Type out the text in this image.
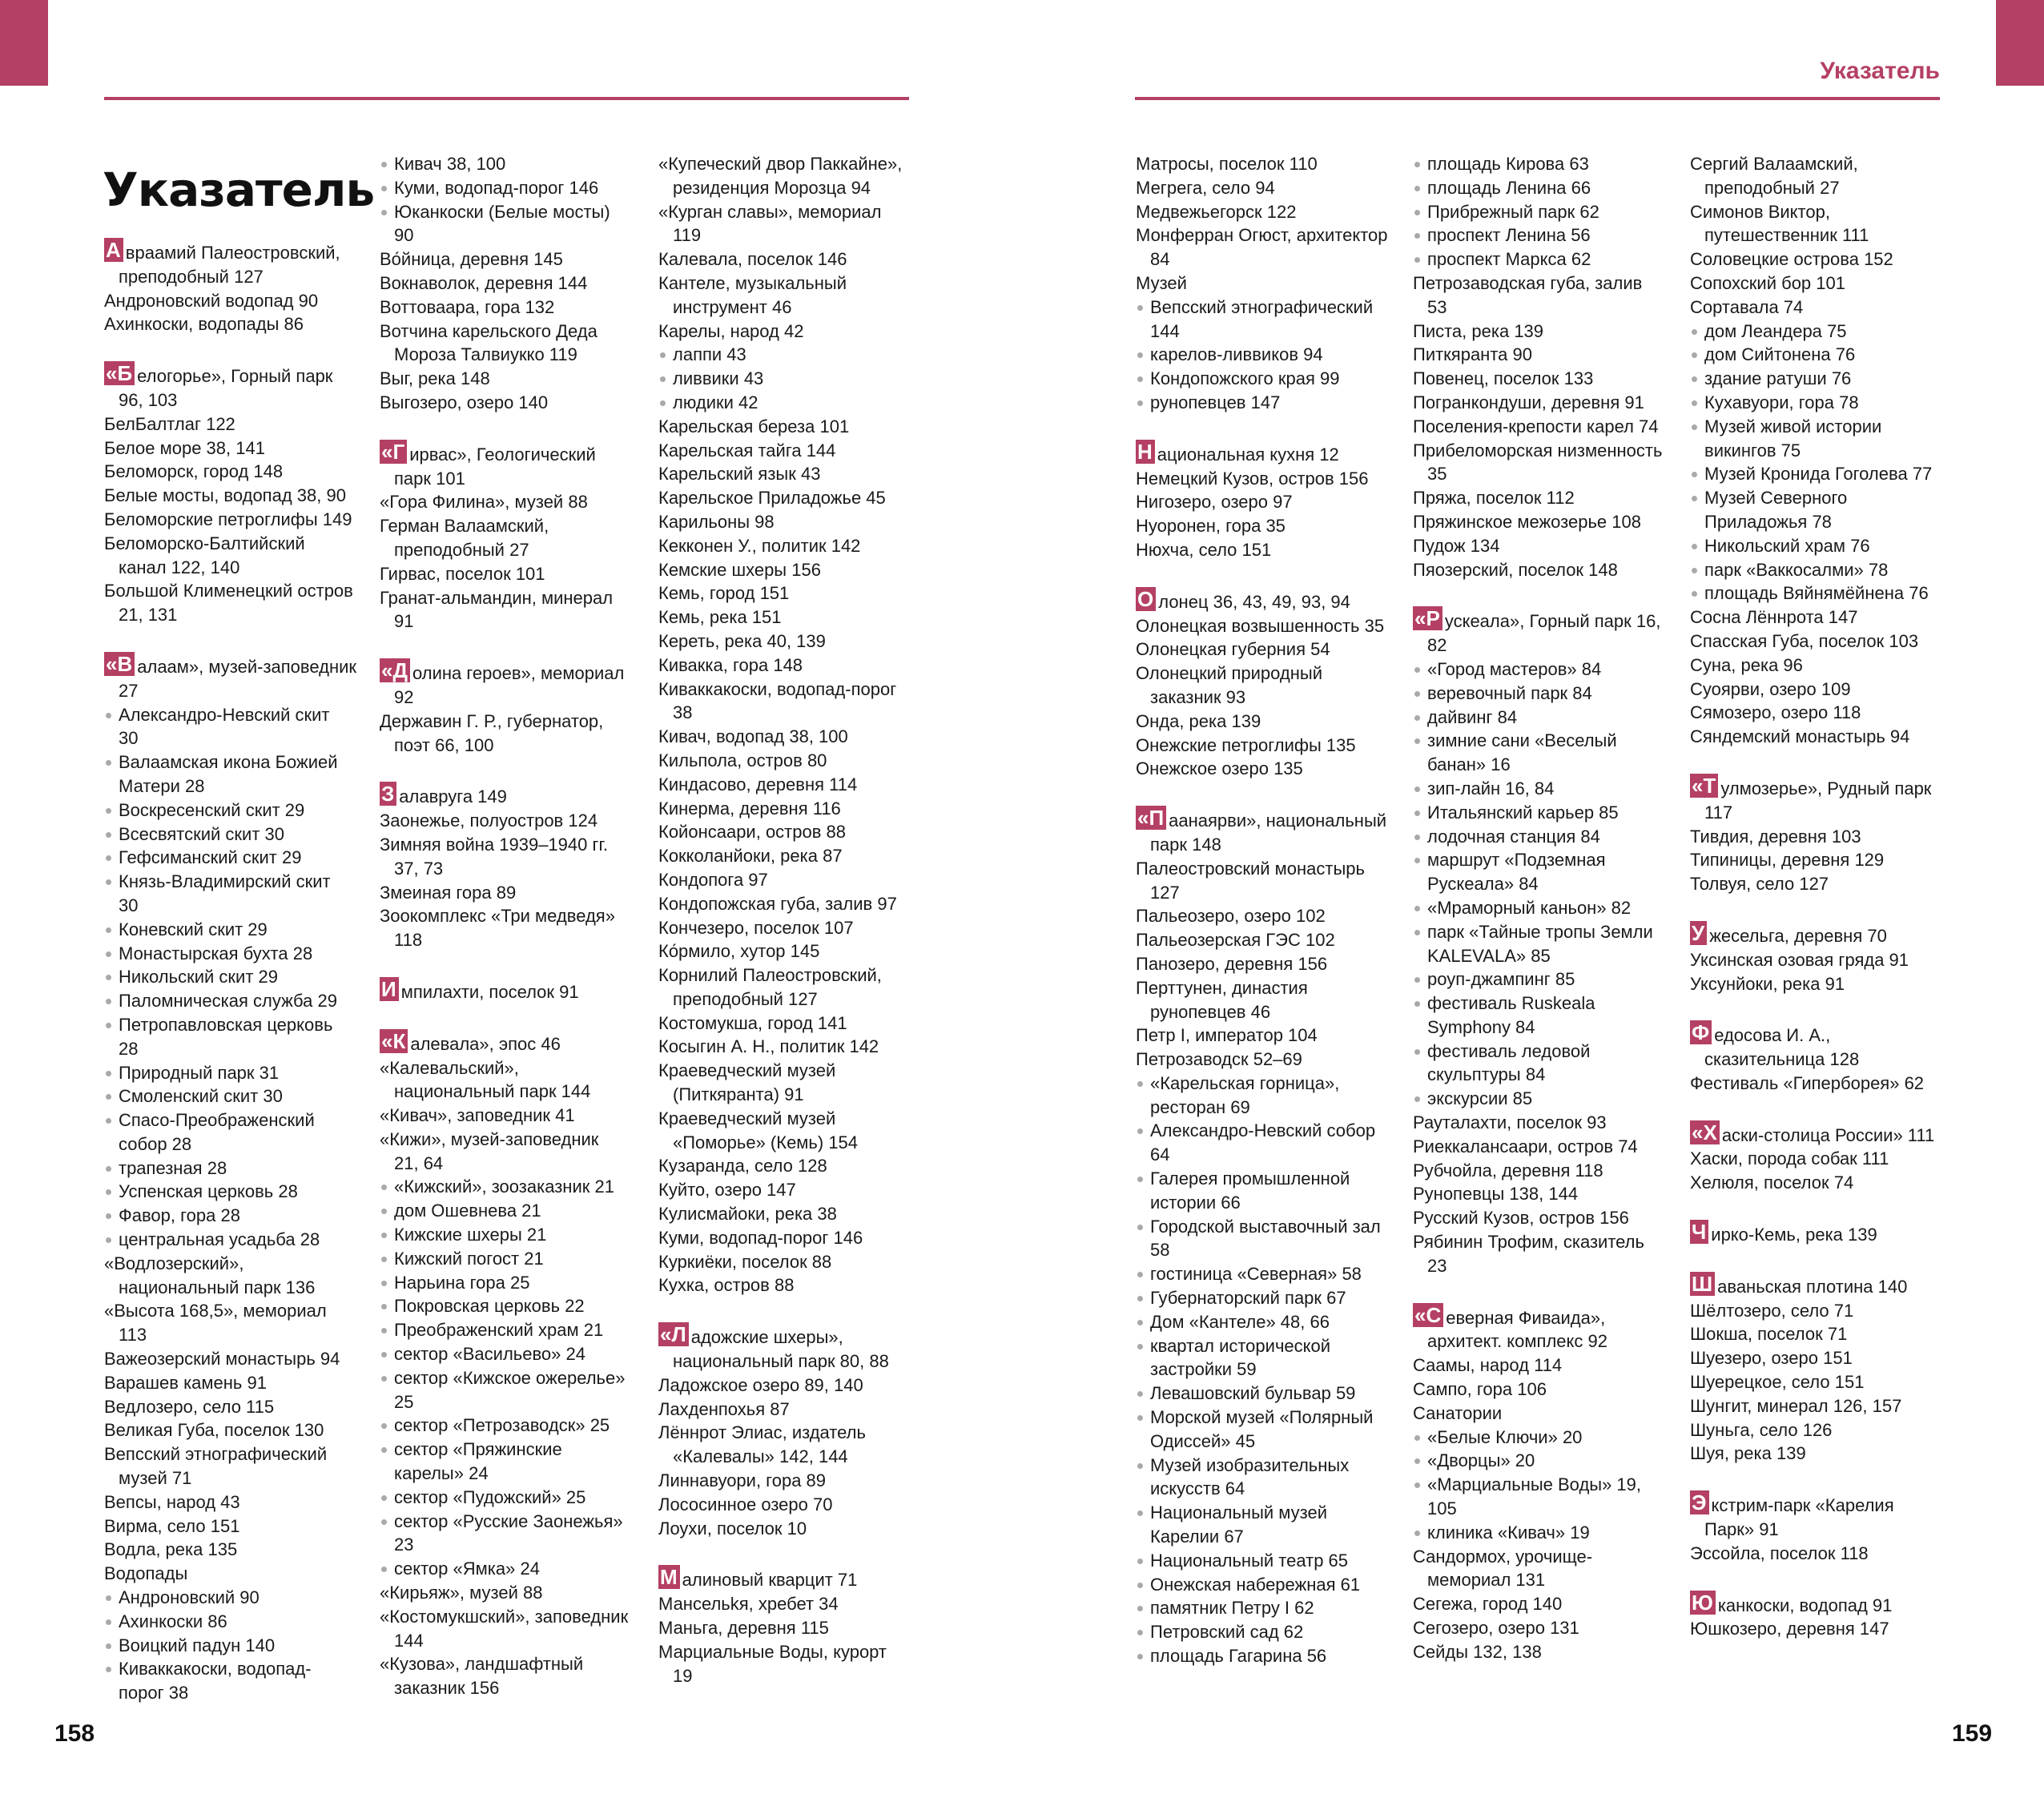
Указатель
Указатель
А враамий Палеостровский,
преподобный 127
Андроновский водопад 90
Ахинкоски, водопады 86
«Б елогорье», Горный парк
96, 103
БелБалтлаг 122
Белое море 38, 141
Беломорск, город 148
Белые мосты, водопад 38, 90
Беломорские петроглифы 149
Беломорско-Балтийский
канал 122, 140
Большой Клименецкий остров
21, 131
«В алаам», музей-заповедник
27
Александро-Невский скит
30
Валаамская икона Божией
Матери 28
Воскресенский скит 29
Всесвятский скит 30
Гефсиманский скит 29
Князь-Владимирский скит
30
Коневский скит 29
Монастырская бухта 28
Никольский скит 29
Паломническая служба 29
Петропавловская церковь
28
Природный парк 31
Смоленский скит 30
Спасо-Преображенский
собор 28
трапезная 28
Успенская церковь 28
Фавор, гора 28
центральная усадьба 28
«Водлозерский»,
национальный парк 136
«Высота 168,5», мемориал
113
Важеозерский монастырь 94
Варашев камень 91
Ведлозеро, село 115
Великая Губа, поселок 130
Вепсский этнографический
музей 71
Вепсы, народ 43
Вирма, село 151
Водла, река 135
Водопады
Андроновский 90
Ахинкоски 86
Воицкий падун 140
Киваккакоски, водопад-
порог 38
Кивач 38, 100
Куми, водопад-порог 146
Юканкоски (Белые мосты)
90
Во́йница, деревня 145
Вокнаволок, деревня 144
Воттоваара, гора 132
Вотчина карельского Деда
Мороза Талвиукко 119
Выг, река 148
Выгозеро, озеро 140
«Г ирвас», Геологический
парк 101
«Гора Филина», музей 88
Герман Валаамский,
преподобный 27
Гирвас, поселок 101
Гранат-альмандин, минерал
91
«Д олина героев», мемориал
92
Державин Г. Р., губернатор,
поэт 66, 100
З алавруга 149
Заонежье, полуостров 124
Зимняя война 1939–1940 гг.
37, 73
Змеиная гора 89
Зоокомплекс «Три медведя»
118
И мпилахти, поселок 91
«К алевала», эпос 46
«Калевальский»,
национальный парк 144
«Кивач», заповедник 41
«Кижи», музей-заповедник
21, 64
«Кижский», зоозаказник 21
дом Ошевнева 21
Кижские шхеры 21
Кижский погост 21
Нарьина гора 25
Покровская церковь 22
Преображенский храм 21
сектор «Васильево» 24
сектор «Кижское ожерелье»
25
сектор «Петрозаводск» 25
сектор «Пряжинские
карелы» 24
сектор «Пудожский» 25
сектор «Русские Заонежья»
23
сектор «Ямка» 24
«Кирьяж», музей 88
«Костомукшский», заповедник
144
«Кузова», ландшафтный
заказник 156
«Купеческий двор Паккайне»,
резиденция Морозца 94
«Курган славы», мемориал
119
Калевала, поселок 146
Кантеле, музыкальный
инструмент 46
Карелы, народ 42
лаппи 43
ливвики 43
людики 42
Карельская береза 101
Карельская тайга 144
Карельский язык 43
Карельское Приладожье 45
Карильоны 98
Кекконен У., политик 142
Кемские шхеры 156
Кемь, город 151
Кемь, река 151
Кереть, река 40, 139
Кивакка, гора 148
Киваккакоски, водопад-порог
38
Кивач, водопад 38, 100
Кильпола, остров 80
Киндасово, деревня 114
Кинерма, деревня 116
Койонсаари, остров 88
Кокколанйоки, река 87
Кондопога 97
Кондопожская губа, залив 97
Кончезеро, поселок 107
Ко́рмило, хутор 145
Корнилий Палеостровский,
преподобный 127
Костомукша, город 141
Косыгин А. Н., политик 142
Краеведческий музей
(Питкяранта) 91
Краеведческий музей
«Поморье» (Кемь) 154
Кузаранда, село 128
Куйто, озеро 147
Кулисмайоки, река 38
Куми, водопад-порог 146
Куркиёки, поселок 88
Кухка, остров 88
«Л адожские шхеры»,
национальный парк 80, 88
Ладожское озеро 89, 140
Лахденпохья 87
Лённрот Элиас, издатель
«Калевалы» 142, 144
Линнавуори, гора 89
Лососинное озеро 70
Лоухи, поселок 10
М алиновый кварцит 71
Мансельkя, хребет 34
Маньга, деревня 115
Марциальные Воды, курорт
19
Матросы, поселок 110
Мегрега, село 94
Медвежьегорск 122
Монферран Огюст, архитектор
84
Музей
Вепсский этнографический
144
карелов-ливвиков 94
Кондопожского края 99
рунопевцев 147
Н ациональная кухня 12
Немецкий Кузов, остров 156
Нигозеро, озеро 97
Нуоронен, гора 35
Нюхча, село 151
О лонец 36, 43, 49, 93, 94
Олонецкая возвышенность 35
Олонецкая губерния 54
Олонецкий природный
заказник 93
Онда, река 139
Онежские петроглифы 135
Онежское озеро 135
«П аанаярви», национальный
парк 148
Палеостровский монастырь
127
Пальеозеро, озеро 102
Пальеозерская ГЭС 102
Панозеро, деревня 156
Перттунен, династия
рунопевцев 46
Петр I, император 104
Петрозаводск 52–69
«Карельская горница»,
ресторан 69
Александро-Невский собор
64
Галерея промышленной
истории 66
Городской выставочный зал
58
гостиница «Северная» 58
Губернаторский парк 67
Дом «Кантеле» 48, 66
квартал исторической
застройки 59
Левашовский бульвар 59
Морской музей «Полярный
Одиссей» 45
Музей изобразительных
искусств 64
Национальный музей
Карелии 67
Национальный театр 65
Онежская набережная 61
памятник Петру I 62
Петровский сад 62
площадь Гагарина 56
площадь Кирова 63
площадь Ленина 66
Прибрежный парк 62
проспект Ленина 56
проспект Маркса 62
Петрозаводская губа, залив
53
Писта, река 139
Питкяранта 90
Повенец, поселок 133
Погранкондуши, деревня 91
Поселения-крепости карел 74
Прибеломорская низменность
35
Пряжа, поселок 112
Пряжинское межозерье 108
Пудож 134
Пяозерский, поселок 148
«Р ускеала», Горный парк 16,
82
«Город мастеров» 84
веревочный парк 84
дайвинг 84
зимние сани «Веселый
банан» 16
зип-лайн 16, 84
Итальянский карьер 85
лодочная станция 84
маршрут «Подземная
Рускеала» 84
«Мраморный каньон» 82
парк «Тайные тропы Земли
KALEVALA» 85
роуп-джампинг 85
фестиваль Ruskeala
Symphony 84
фестиваль ледовой
скульптуры 84
экскурсии 85
Рауталахти, поселок 93
Риеккалансаари, остров 74
Рубчойла, деревня 118
Рунопевцы 138, 144
Русский Кузов, остров 156
Рябинин Трофим, сказитель
23
«С еверная Фиваида»,
архитект. комплекс 92
Саамы, народ 114
Сампо, гора 106
Санатории
«Белые Ключи» 20
«Дворцы» 20
«Марциальные Воды» 19,
105
клиника «Кивач» 19
Сандормох, урочище-
мемориал 131
Сегежа, город 140
Сегозеро, озеро 131
Сейды 132, 138
Сергий Валаамский,
преподобный 27
Симонов Виктор,
путешественник 111
Соловецкие острова 152
Сопохский бор 101
Сортавала 74
дом Леандера 75
дом Сийтонена 76
здание ратуши 76
Кухавуори, гора 78
Музей живой истории
викингов 75
Музей Кронида Гоголева 77
Музей Северного
Приладожья 78
Никольский храм 76
парк «Ваккосалми» 78
площадь Вяйнямёйнена 76
Сосна Лённрота 147
Спасская Губа, поселок 103
Суна, река 96
Суоярви, озеро 109
Сямозеро, озеро 118
Сяндемский монастырь 94
«Т улмозерье», Рудный парк
117
Тивдия, деревня 103
Типиницы, деревня 129
Толвуя, село 127
У жесельга, деревня 70
Уксинская озовая гряда 91
Уксунйоки, река 91
Ф едосова И. А.,
сказительница 128
Фестиваль «Гиперборея» 62
«Х аски-столица России» 111
Хаски, порода собак 111
Хелюля, поселок 74
Ч ирко-Кемь, река 139
Ш аваньская плотина 140
Шёлтозеро, село 71
Шокша, поселок 71
Шуезеро, озеро 151
Шуерецкое, село 151
Шунгит, минерал 126, 157
Шуньга, село 126
Шуя, река 139
Э кстрим-парк «Карелия
Парк» 91
Эссойла, поселок 118
Ю канкоски, водопад 91
Юшкозеро, деревня 147
158	159
